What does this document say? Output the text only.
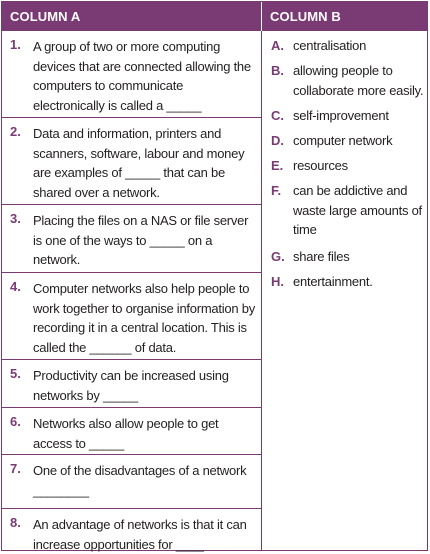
COLUMN A	COLUMN B
1. A group of two or more computing devices that are connected allowing the computers to communicate electronically is called a _____
2. Data and information, printers and scanners, software, labour and money are examples of _____ that can be shared over a network.
3. Placing the files on a NAS or file server is one of the ways to _____ on a network.
4. Computer networks also help people to work together to organise information by recording it in a central location. This is called the ______ of data.
5. Productivity can be increased using networks by _____
6. Networks also allow people to get access to _____
7. One of the disadvantages of a network ________
8. An advantage of networks is that it can increase opportunities for ____
A. centralisation
B. allowing people to collaborate more easily.
C. self-improvement
D. computer network
E. resources
F. can be addictive and waste large amounts of time
G. share files
H. entertainment.
